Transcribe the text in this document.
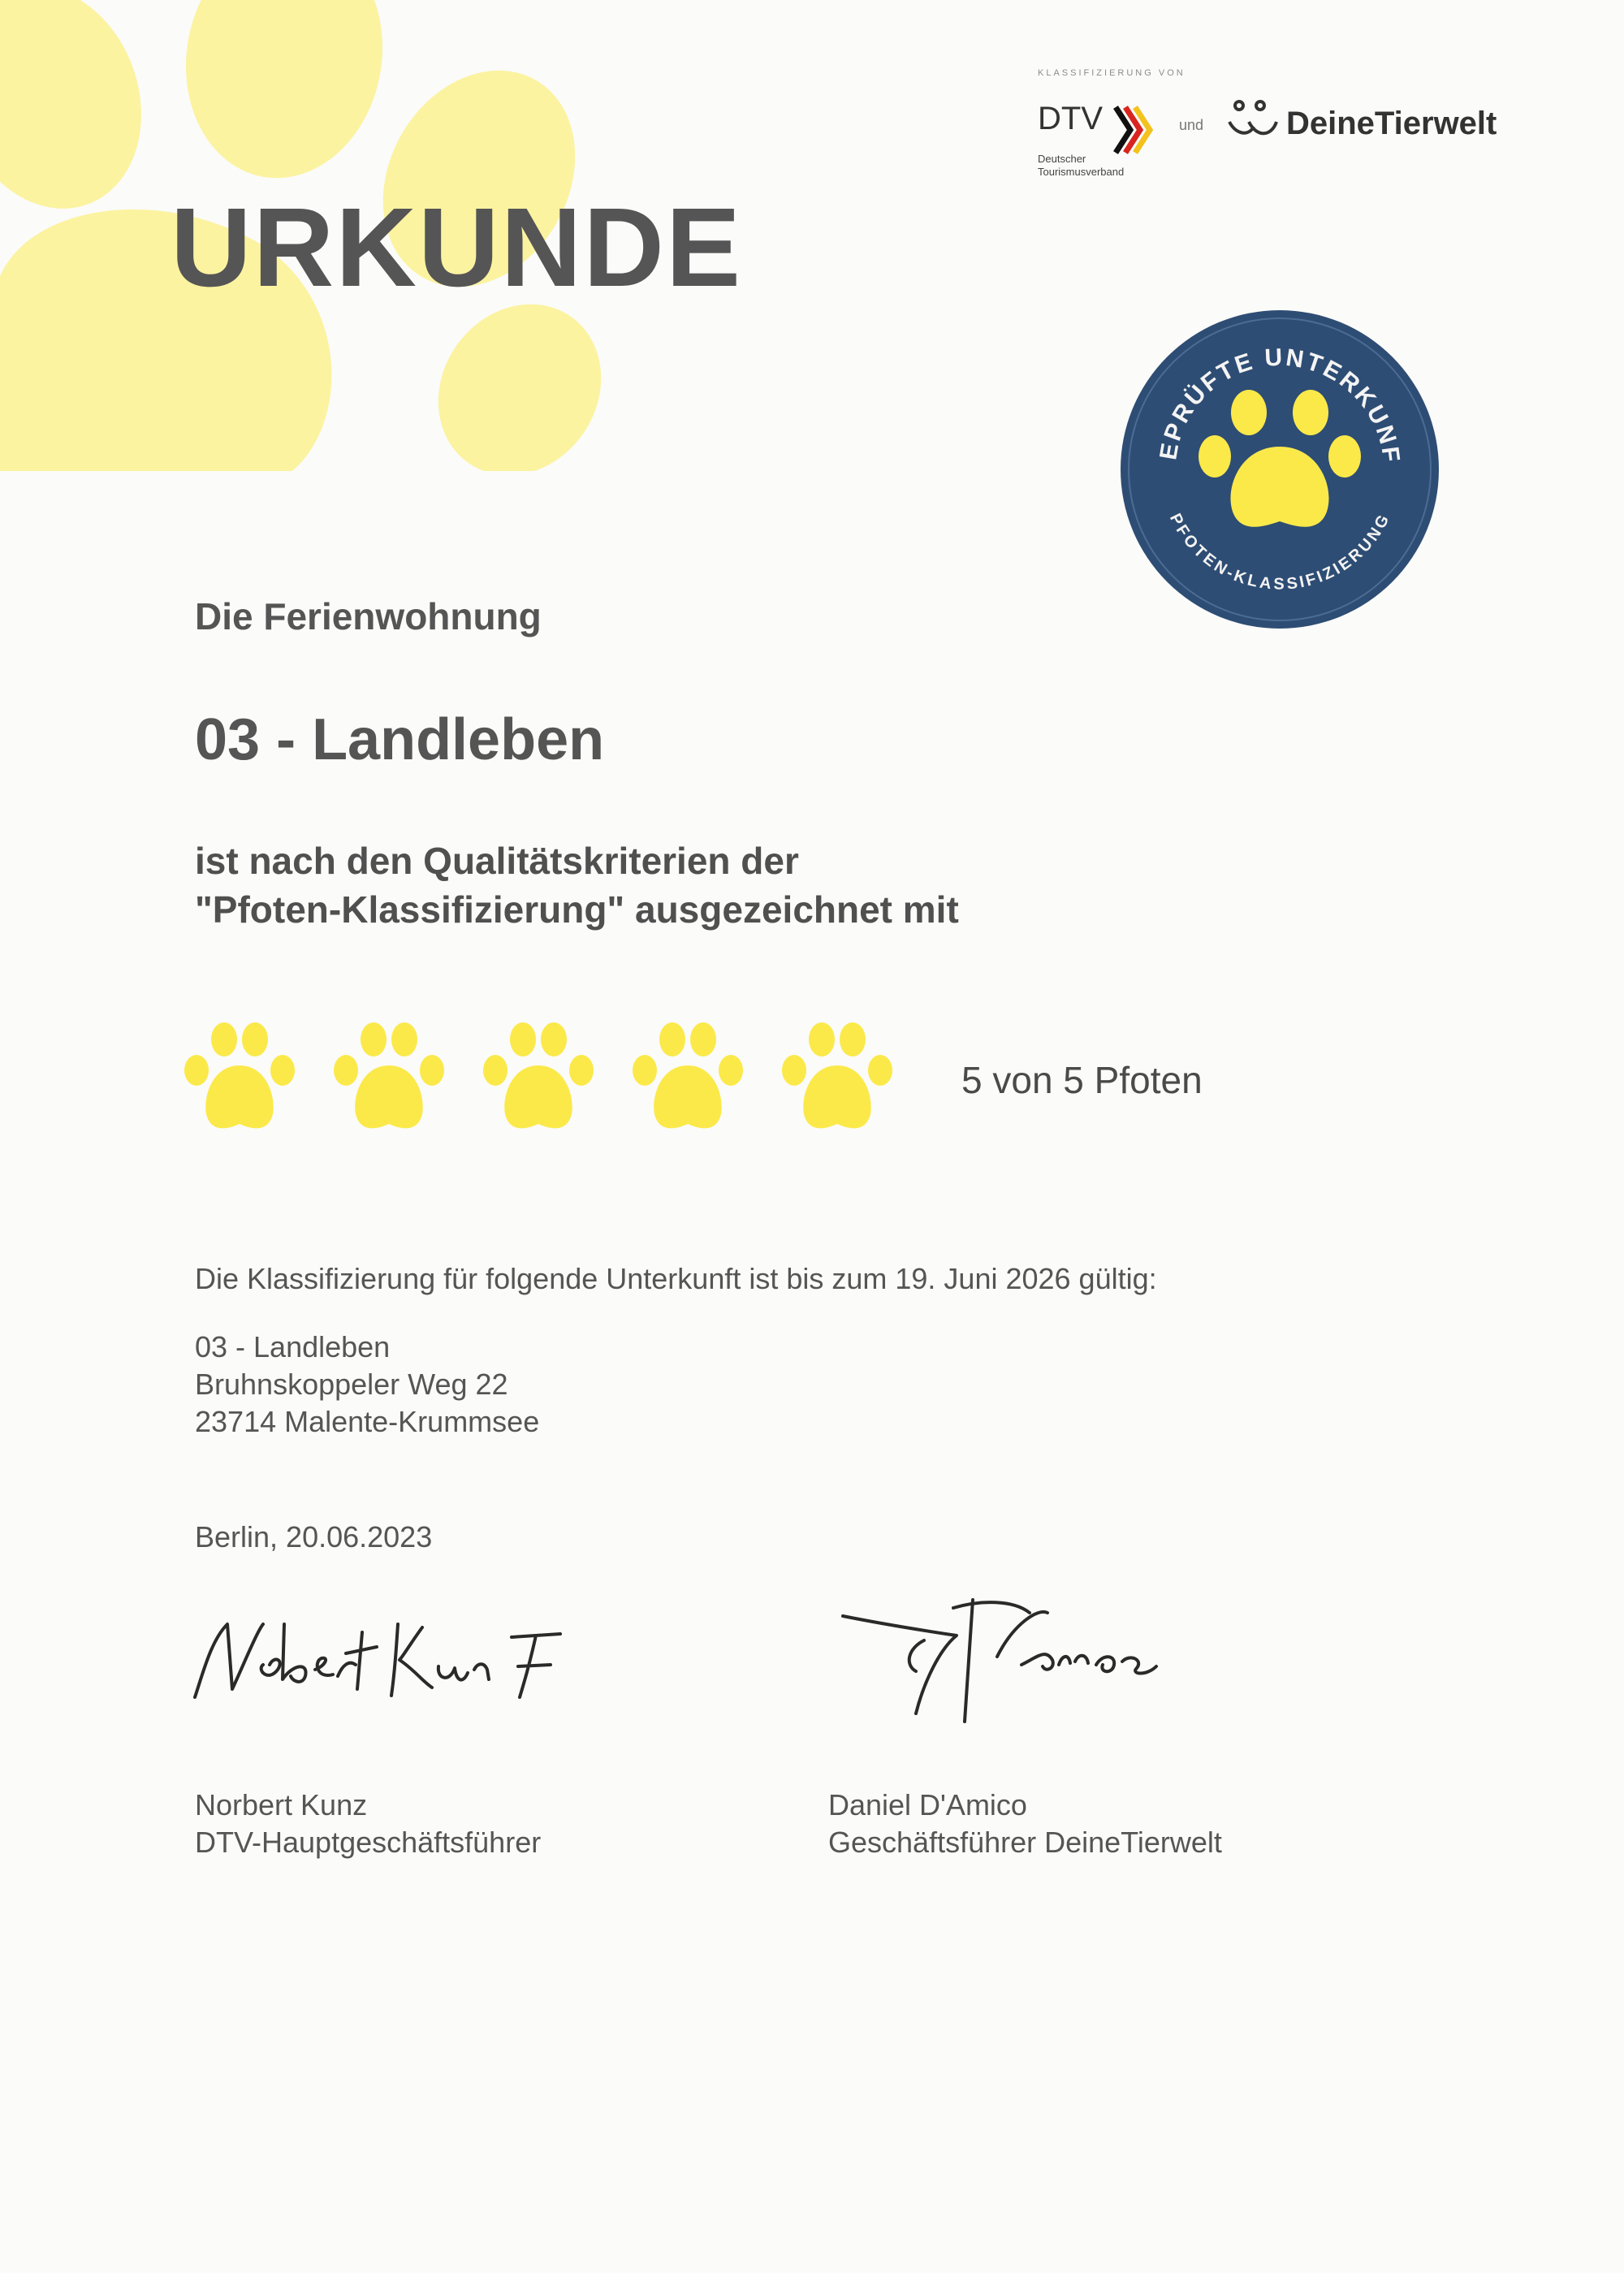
URKUNDE
KLASSIFIZIERUNG VON
DTV
Deutscher
Tourismusverband
und	DeineTierwelt
EPRÜFTE UNTERKUNF
PFOTEN-KLASSIFIZIERUNG
Die Ferienwohnung
03 - Landleben
ist nach den Qualitätskriterien der
"Pfoten-Klassifizierung" ausgezeichnet mit
5 von 5 Pfoten
Die Klassifizierung für folgende Unterkunft ist bis zum 19. Juni 2026 gültig:
03 - Landleben
Bruhnskoppeler Weg 22
23714 Malente-Krummsee
Berlin, 20.06.2023
Norbert Kunz
DTV-Hauptgeschäftsführer
Daniel D'Amico
Geschäftsführer DeineTierwelt
